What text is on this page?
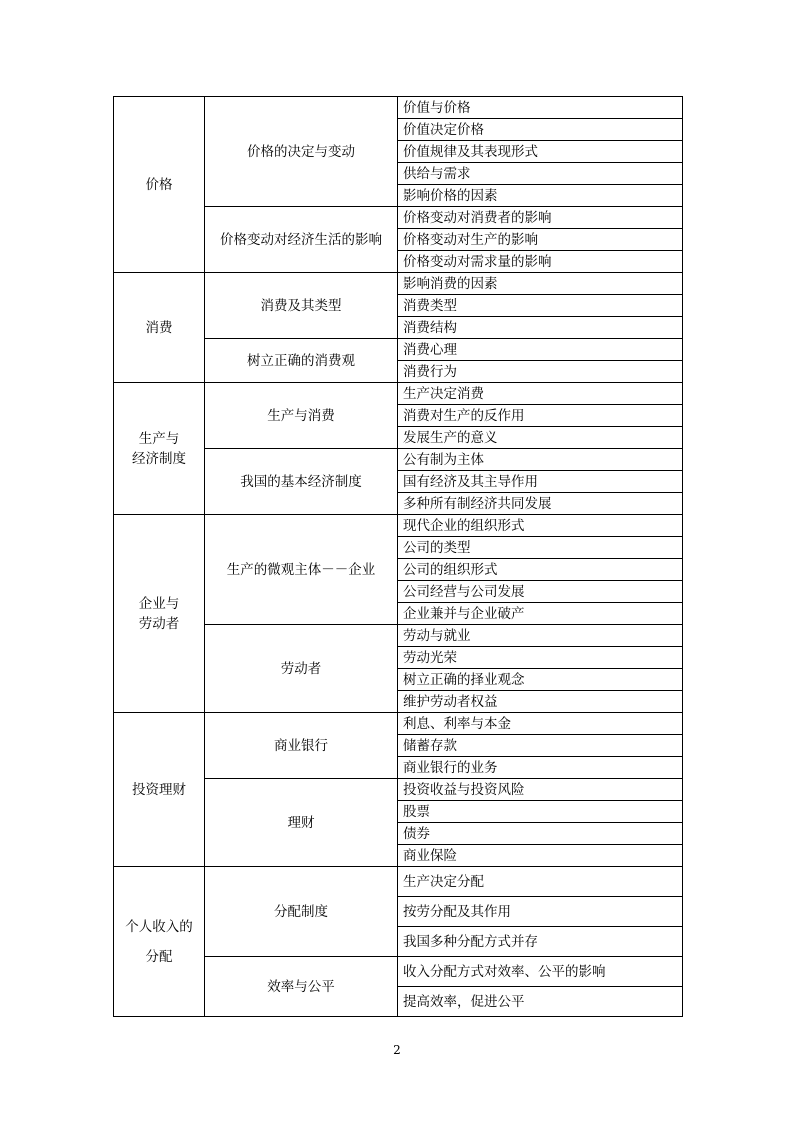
价格	价格的决定与变动	价值与价格
		价值决定价格
		价值规律及其表现形式
		供给与需求
		影响价格的因素
	价格变动对经济生活的影响	价格变动对消费者的影响
		价格变动对生产的影响
		价格变动对需求量的影响

消费	消费及其类型	影响消费的因素
		消费类型
		消费结构
	树立正确的消费观	消费心理
		消费行为

生产与
经济制度	生产与消费	生产决定消费
		消费对生产的反作用
		发展生产的意义
	我国的基本经济制度	公有制为主体
		国有经济及其主导作用
		多种所有制经济共同发展

企业与
劳动者	生产的微观主体－－企业	现代企业的组织形式
		公司的类型
		公司的组织形式
		公司经营与公司发展
		企业兼并与企业破产
	劳动者	劳动与就业
		劳动光荣
		树立正确的择业观念
		维护劳动者权益

投资理财	商业银行	利息、利率与本金
		储蓄存款
		商业银行的业务
	理财	投资收益与投资风险
		股票
		债券
		商业保险

个人收入的
分配	分配制度	生产决定分配
		按劳分配及其作用
		我国多种分配方式并存
	效率与公平	收入分配方式对效率、公平的影响
		提高效率，促进公平
2
